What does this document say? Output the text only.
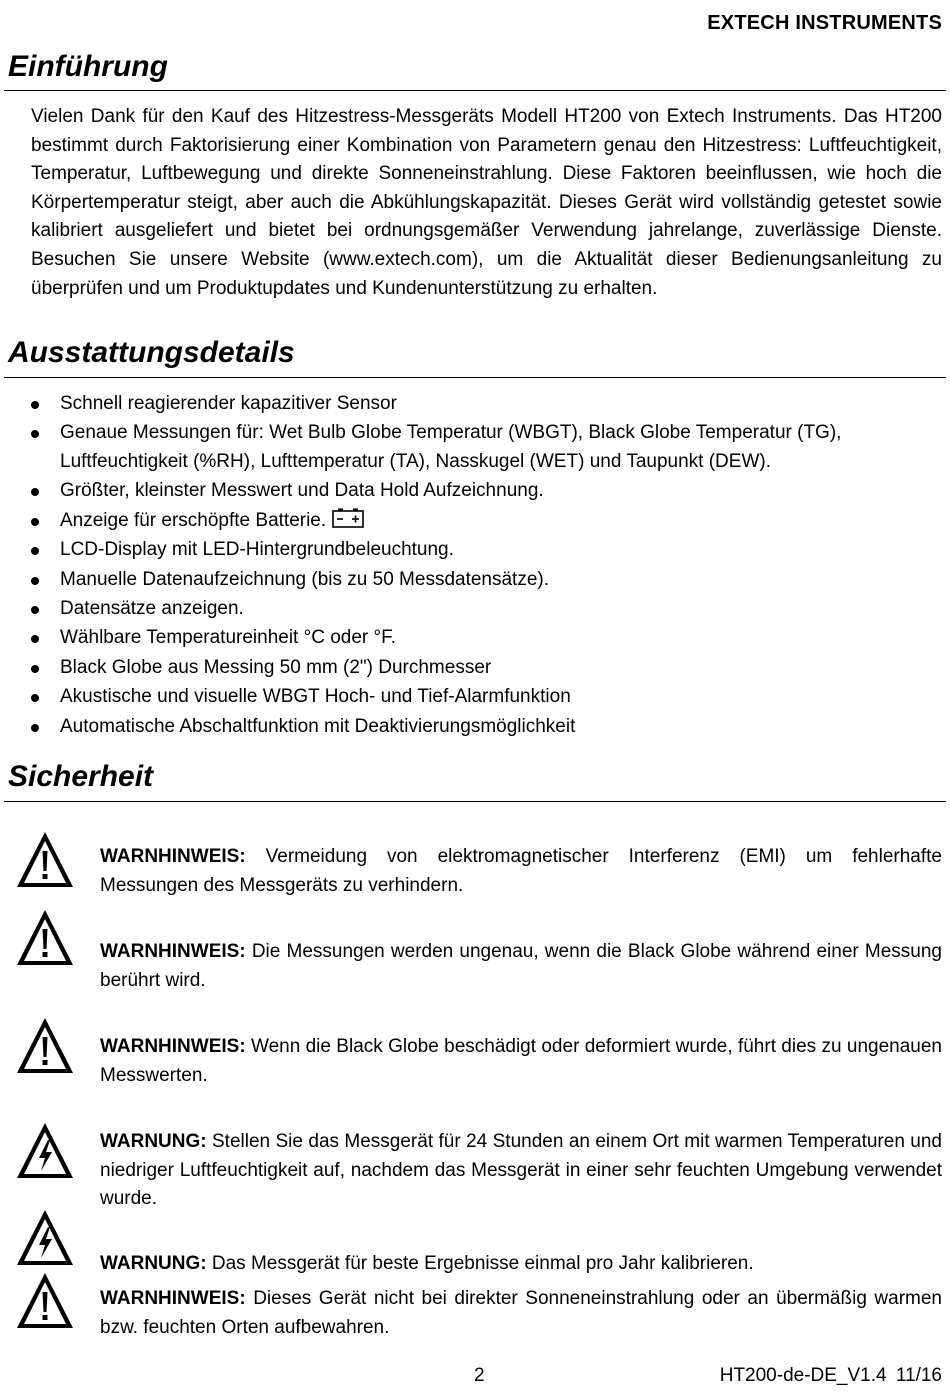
EXTECH INSTRUMENTS
Einführung

Vielen Dank für den Kauf des Hitzestress-Messgeräts Modell HT200 von Extech Instruments. Das HT200 bestimmt durch Faktorisierung einer Kombination von Parametern genau den Hitzestress: Luftfeuchtigkeit, Temperatur, Luftbewegung und direkte Sonneneinstrahlung. Diese Faktoren beeinflussen, wie hoch die Körpertemperatur steigt, aber auch die Abkühlungskapazität. Dieses Gerät wird vollständig getestet sowie kalibriert ausgeliefert und bietet bei ordnungsgemäßer Verwendung jahrelange, zuverlässige Dienste. Besuchen Sie unsere Website (www.extech.com), um die Aktualität dieser Bedienungsanleitung zu überprüfen und um Produktupdates und Kundenunterstützung zu erhalten.

Ausstattungsdetails
Schnell reagierender kapazitiver Sensor
Genaue Messungen für: Wet Bulb Globe Temperatur (WBGT), Black Globe Temperatur (TG), Luftfeuchtigkeit (%RH), Lufttemperatur (TA), Nasskugel (WET) und Taupunkt (DEW).
Größter, kleinster Messwert und Data Hold Aufzeichnung.
Anzeige für erschöpfte Batterie.
LCD-Display mit LED-Hintergrundbeleuchtung.
Manuelle Datenaufzeichnung (bis zu 50 Messdatensätze).
Datensätze anzeigen.
Wählbare Temperatureinheit °C oder °F.
Black Globe aus Messing 50 mm (2") Durchmesser
Akustische und visuelle WBGT Hoch- und Tief-Alarmfunktion
Automatische Abschaltfunktion mit Deaktivierungsmöglichkeit
Sicherheit

WARNHINWEIS: Vermeidung von elektromagnetischer Interferenz (EMI) um fehlerhafte Messungen des Messgeräts zu verhindern.

WARNHINWEIS: Die Messungen werden ungenau, wenn die Black Globe während einer Messung berührt wird.

WARNHINWEIS: Wenn die Black Globe beschädigt oder deformiert wurde, führt dies zu ungenauen Messwerten.

WARNUNG: Stellen Sie das Messgerät für 24 Stunden an einem Ort mit warmen Temperaturen und niedriger Luftfeuchtigkeit auf, nachdem das Messgerät in einer sehr feuchten Umgebung verwendet wurde.

WARNUNG: Das Messgerät für beste Ergebnisse einmal pro Jahr kalibrieren.

WARNHINWEIS: Dieses Gerät nicht bei direkter Sonneneinstrahlung oder an übermäßig warmen bzw. feuchten Orten aufbewahren.

2	HT200-de-DE_V1.4 11/16
